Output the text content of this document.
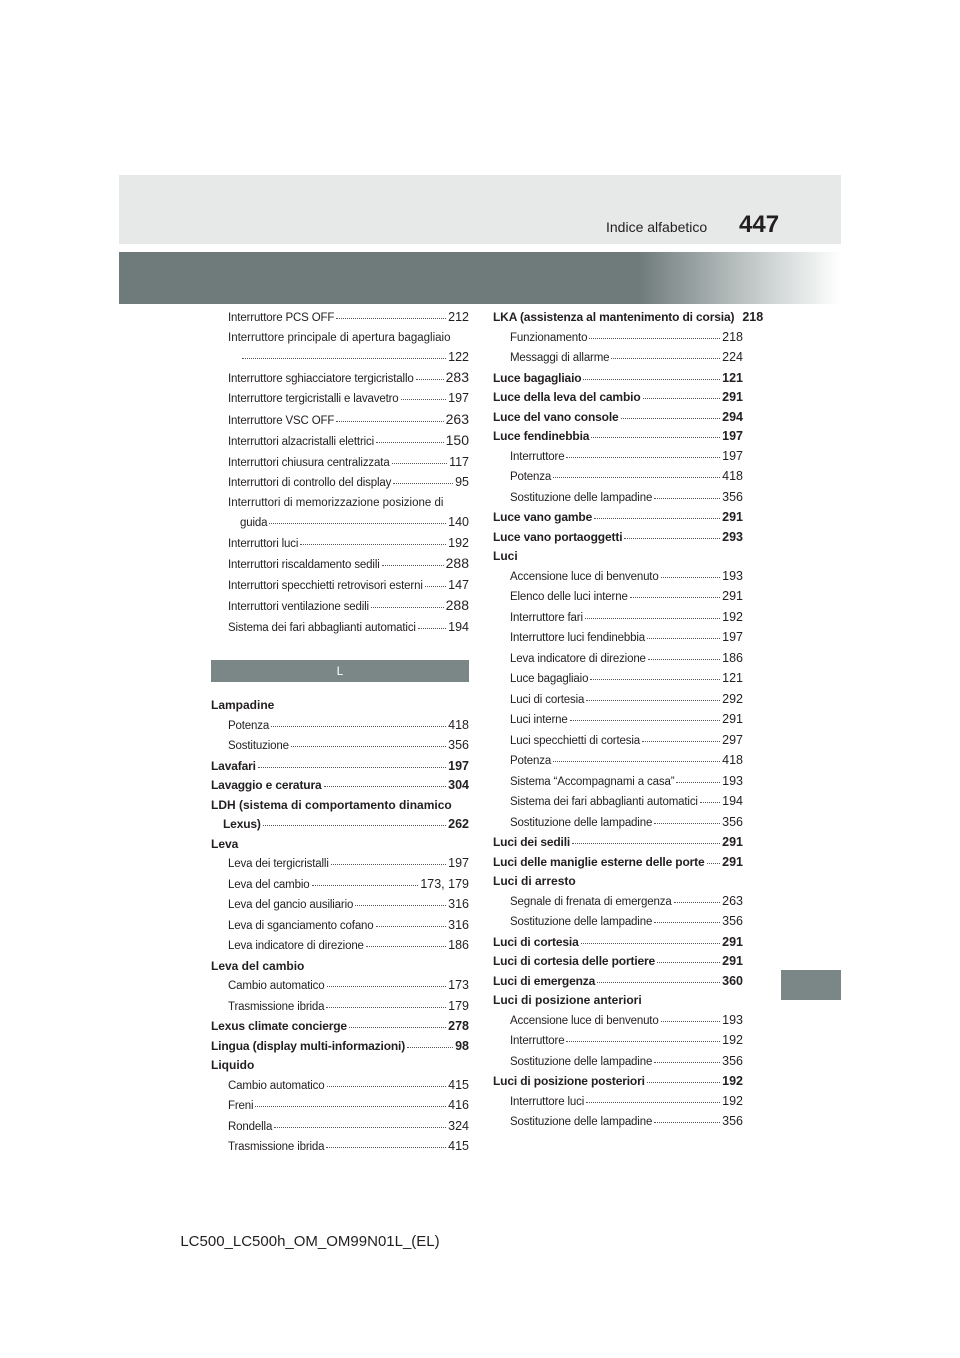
447
Indice alfabetico
Interruttore PCS OFF	212
Interruttore principale di apertura bagagliaio
122
Interruttore sghiacciatore tergicristallo 283
Interruttore tergicristalli e lavavetro	197
Interruttore VSC OFF	263
Interruttori alzacristalli elettrici	150
Interruttori chiusura centralizzata	117
Interruttori di controllo del display	95
Interruttori di memorizzazione posizione di
guida	140
Interruttori luci	192
Interruttori riscaldamento sedili	288
Interruttori specchietti retrovisori esterni 147
Interruttori ventilazione sedili	288
Sistema dei fari abbaglianti automatici	194
L
Lampadine
Potenza	418
Sostituzione	356
Lavafari	197
Lavaggio e ceratura	304
LDH (sistema di comportamento dinamico
Lexus)	262
Leva
Leva dei tergicristalli	197
Leva del cambio	173, 179
Leva del gancio ausiliario	316
Leva di sganciamento cofano	316
Leva indicatore di direzione	186
Leva del cambio
Cambio automatico	173
Trasmissione ibrida	179
Lexus climate concierge	278
Lingua (display multi-informazioni)	98
Liquido
Cambio automatico	415
Freni	416
Rondella	324
Trasmissione ibrida	415
LKA (assistenza al mantenimento di corsia) 218
Funzionamento	218
Messaggi di allarme	224
Luce bagagliaio	121
Luce della leva del cambio	291
Luce del vano console	294
Luce fendinebbia	197
Interruttore	197
Potenza	418
Sostituzione delle lampadine	356
Luce vano gambe	291
Luce vano portaoggetti	293
Luci
Accensione luce di benvenuto	193
Elenco delle luci interne	291
Interruttore fari	192
Interruttore luci fendinebbia	197
Leva indicatore di direzione	186
Luce bagagliaio	121
Luci di cortesia	292
Luci interne	291
Luci specchietti di cortesia	297
Potenza	418
Sistema “Accompagnami a casa”	193
Sistema dei fari abbaglianti automatici 194
Sostituzione delle lampadine	356
Luci dei sedili	291
Luci delle maniglie esterne delle porte 291
Luci di arresto
Segnale di frenata di emergenza	263
Sostituzione delle lampadine	356
Luci di cortesia	291
Luci di cortesia delle portiere	291
Luci di emergenza	360
Luci di posizione anteriori
Accensione luce di benvenuto	193
Interruttore	192
Sostituzione delle lampadine	356
Luci di posizione posteriori	192
Interruttore luci	192
Sostituzione delle lampadine	356
LC500_LC500h_OM_OM99N01L_(EL)
